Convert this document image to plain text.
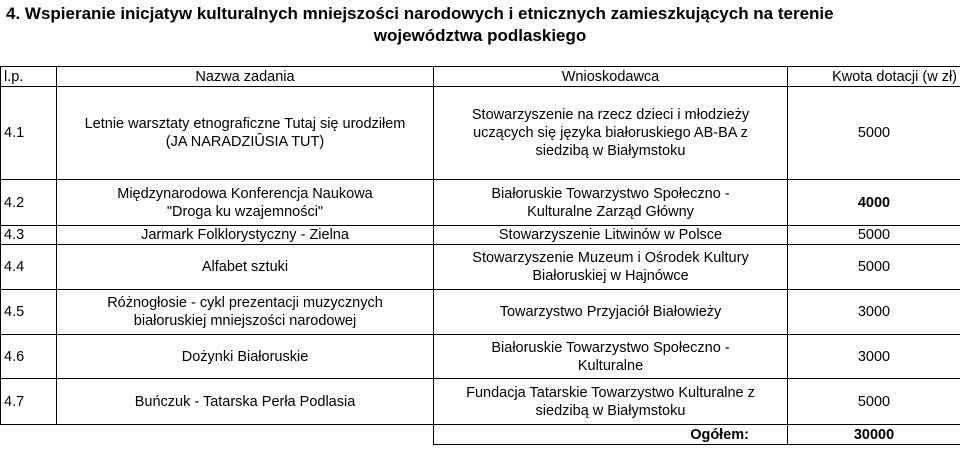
4. Wspieranie inicjatyw kulturalnych mniejszości narodowych i etnicznych zamieszkujących na terenie
województwa podlaskiego
l.p.	Nazwa zadania	Wnioskodawca	Kwota dotacji (w zł)
4.1	Letnie warsztaty etnograficzne Tutaj się urodziłem (JA NARADZIÛSIA TUT)	Stowarzyszenie na rzecz dzieci i młodzieży uczących się języka białoruskiego AB-BA z siedzibą w Białymstoku	5000
4.2	Międzynarodowa Konferencja Naukowa "Droga ku wzajemności"	Białoruskie Towarzystwo Społeczno - Kulturalne Zarząd Główny	4000
4.3	Jarmark Folklorystyczny - Zielna	Stowarzyszenie Litwinów w Polsce	5000
4.4	Alfabet sztuki	Stowarzyszenie Muzeum i Ośrodek Kultury Białoruskiej w Hajnówce	5000
4.5	Różnogłosie - cykl prezentacji muzycznych białoruskiej mniejszości narodowej	Towarzystwo Przyjaciół Białowieży	3000
4.6	Dożynki Białoruskie	Białoruskie Towarzystwo Społeczno - Kulturalne	3000
4.7	Buńczuk - Tatarska Perła Podlasia	Fundacja Tatarskie Towarzystwo Kulturalne z siedzibą w Białymstoku	5000
		Ogółem:	30000
